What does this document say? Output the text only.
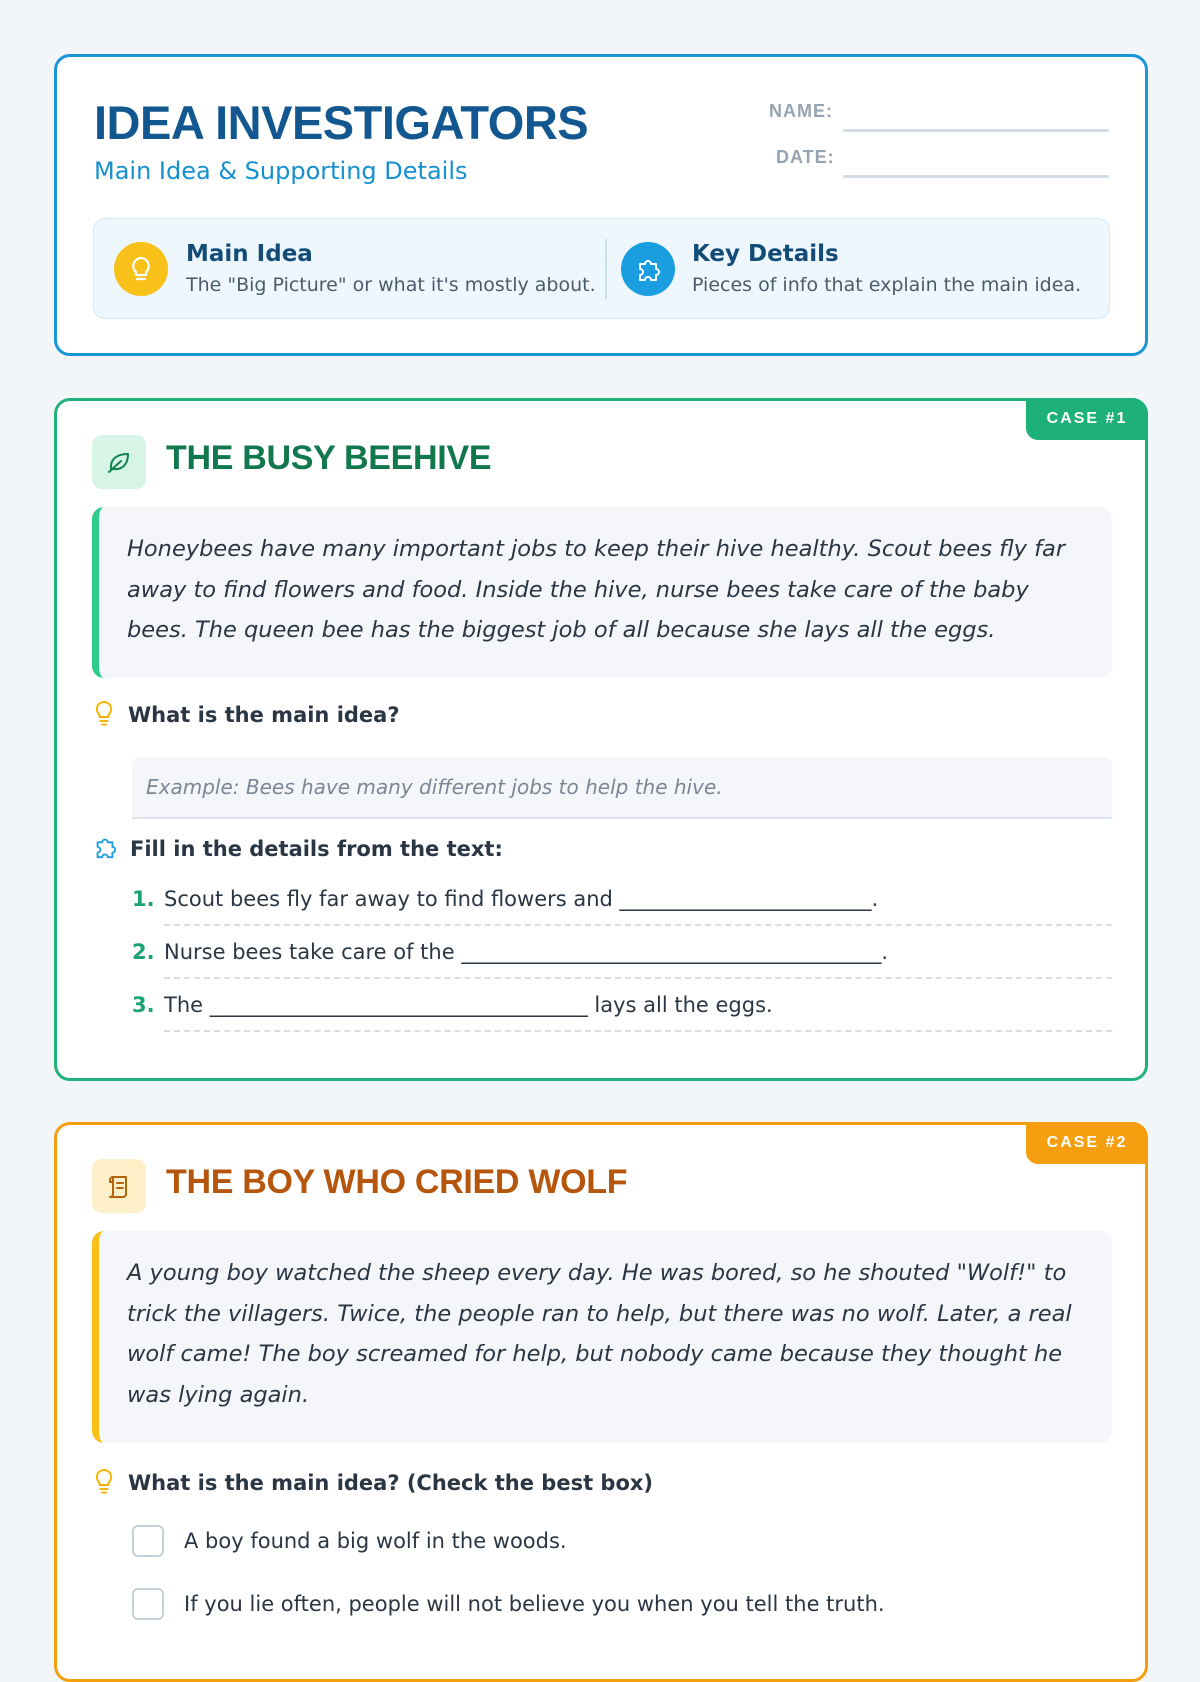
IDEA INVESTIGATORS
Main Idea & Supporting Details
NAME:
DATE:
Main Idea
The "Big Picture" or what it's mostly about.
Key Details
Pieces of info that explain the main idea.
CASE #1
THE BUSY BEEHIVE
Honeybees have many important jobs to keep their hive healthy. Scout bees fly far away to find flowers and food. Inside the hive, nurse bees take care of the baby bees. The queen bee has the biggest job of all because she lays all the eggs.
What is the main idea?
Example: Bees have many different jobs to help the hive.
Fill in the details from the text:
1. Scout bees fly far away to find flowers and ________________________.
2. Nurse bees take care of the ________________________________________.
3. The ____________________________________ lays all the eggs.
CASE #2
THE BOY WHO CRIED WOLF
A young boy watched the sheep every day. He was bored, so he shouted "Wolf!" to trick the villagers. Twice, the people ran to help, but there was no wolf. Later, a real wolf came! The boy screamed for help, but nobody came because they thought he was lying again.
What is the main idea? (Check the best box)
A boy found a big wolf in the woods.
If you lie often, people will not believe you when you tell the truth.
